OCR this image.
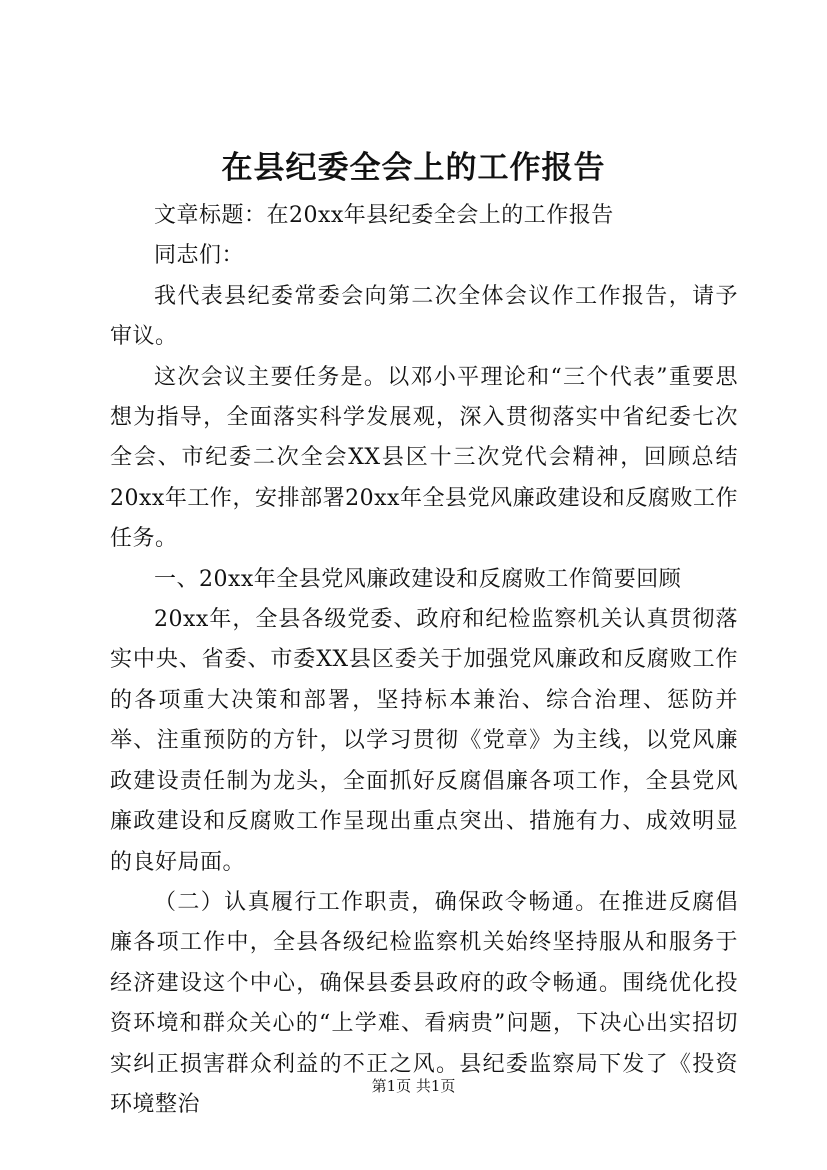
在县纪委全会上的工作报告

文章标题：在20xx年县纪委全会上的工作报告

同志们：

我代表县纪委常委会向第二次全体会议作工作报告，请予审议。

这次会议主要任务是。以邓小平理论和“三个代表”重要思想为指导，全面落实科学发展观，深入贯彻落实中省纪委七次全会、市纪委二次全会XX县区十三次党代会精神，回顾总结20xx年工作，安排部署20xx年全县党风廉政建设和反腐败工作任务。

一、20xx年全县党风廉政建设和反腐败工作简要回顾

20xx年，全县各级党委、政府和纪检监察机关认真贯彻落实中央、省委、市委XX县区委关于加强党风廉政和反腐败工作的各项重大决策和部署，坚持标本兼治、综合治理、惩防并举、注重预防的方针，以学习贯彻《党章》为主线，以党风廉政建设责任制为龙头，全面抓好反腐倡廉各项工作，全县党风廉政建设和反腐败工作呈现出重点突出、措施有力、成效明显的良好局面。

（二）认真履行工作职责，确保政令畅通。在推进反腐倡廉各项工作中，全县各级纪检监察机关始终坚持服从和服务于经济建设这个中心，确保县委县政府的政令畅通。围绕优化投资环境和群众关心的“上学难、看病贵”问题，下决心出实招切实纠正损害群众利益的不正之风。县纪委监察局下发了《投资环境整治

第1页 共1页
